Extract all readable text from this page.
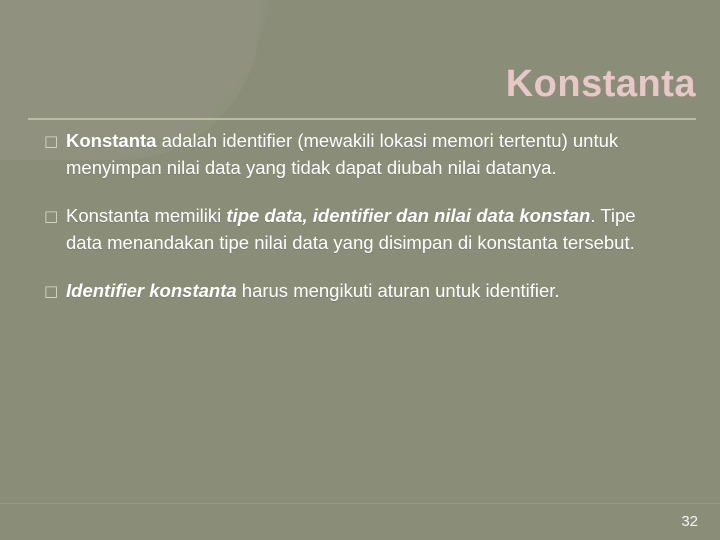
Konstanta
□ Konstanta adalah identifier (mewakili lokasi memori tertentu) untuk menyimpan nilai data yang tidak dapat diubah nilai datanya.
□ Konstanta memiliki tipe data, identifier dan nilai data konstan. Tipe data menandakan tipe nilai data yang disimpan di konstanta tersebut.
□ Identifier konstanta harus mengikuti aturan untuk identifier.
32
